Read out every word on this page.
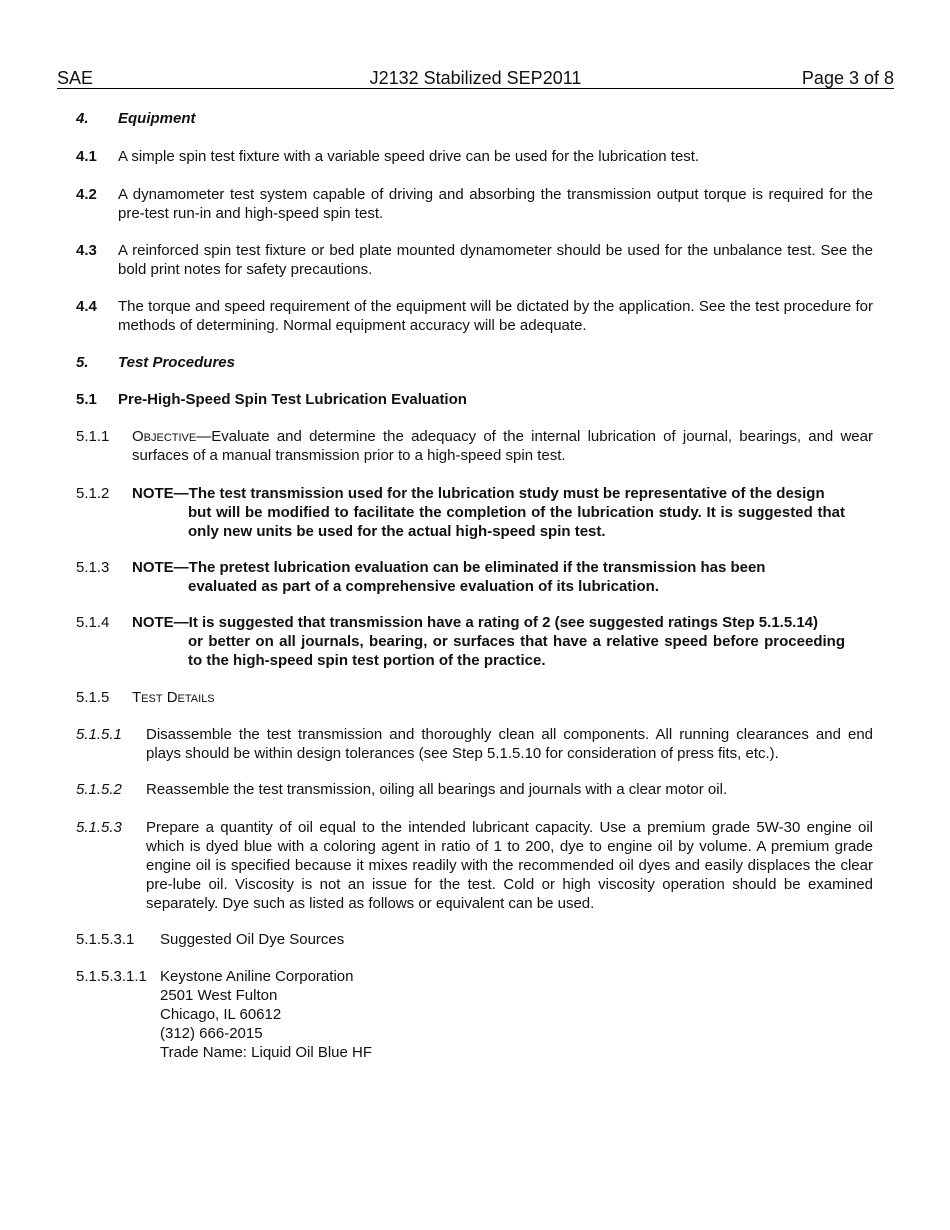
SAE	J2132 Stabilized SEP2011	Page 3 of 8
4. Equipment
4.1 A simple spin test fixture with a variable speed drive can be used for the lubrication test.
4.2 A dynamometer test system capable of driving and absorbing the transmission output torque is required for the pre-test run-in and high-speed spin test.
4.3 A reinforced spin test fixture or bed plate mounted dynamometer should be used for the unbalance test. See the bold print notes for safety precautions.
4.4 The torque and speed requirement of the equipment will be dictated by the application. See the test procedure for methods of determining. Normal equipment accuracy will be adequate.
5. Test Procedures
5.1 Pre-High-Speed Spin Test Lubrication Evaluation
5.1.1 Objective—Evaluate and determine the adequacy of the internal lubrication of journal, bearings, and wear surfaces of a manual transmission prior to a high-speed spin test.
5.1.2 NOTE—The test transmission used for the lubrication study must be representative of the design
but will be modified to facilitate the completion of the lubrication study. It is suggested that only new units be used for the actual high-speed spin test.
5.1.3 NOTE—The pretest lubrication evaluation can be eliminated if the transmission has been
evaluated as part of a comprehensive evaluation of its lubrication.
5.1.4 NOTE—It is suggested that transmission have a rating of 2 (see suggested ratings Step 5.1.5.14)
or better on all journals, bearing, or surfaces that have a relative speed before proceeding to the high-speed spin test portion of the practice.
5.1.5 Test Details
5.1.5.1 Disassemble the test transmission and thoroughly clean all components. All running clearances and end plays should be within design tolerances (see Step 5.1.5.10 for consideration of press fits, etc.).
5.1.5.2 Reassemble the test transmission, oiling all bearings and journals with a clear motor oil.
5.1.5.3 Prepare a quantity of oil equal to the intended lubricant capacity. Use a premium grade 5W-30 engine oil which is dyed blue with a coloring agent in ratio of 1 to 200, dye to engine oil by volume. A premium grade engine oil is specified because it mixes readily with the recommended oil dyes and easily displaces the clear pre-lube oil. Viscosity is not an issue for the test. Cold or high viscosity operation should be examined separately. Dye such as listed as follows or equivalent can be used.
5.1.5.3.1 Suggested Oil Dye Sources
5.1.5.3.1.1 Keystone Aniline Corporation
2501 West Fulton
Chicago, IL 60612
(312) 666-2015
Trade Name: Liquid Oil Blue HF
